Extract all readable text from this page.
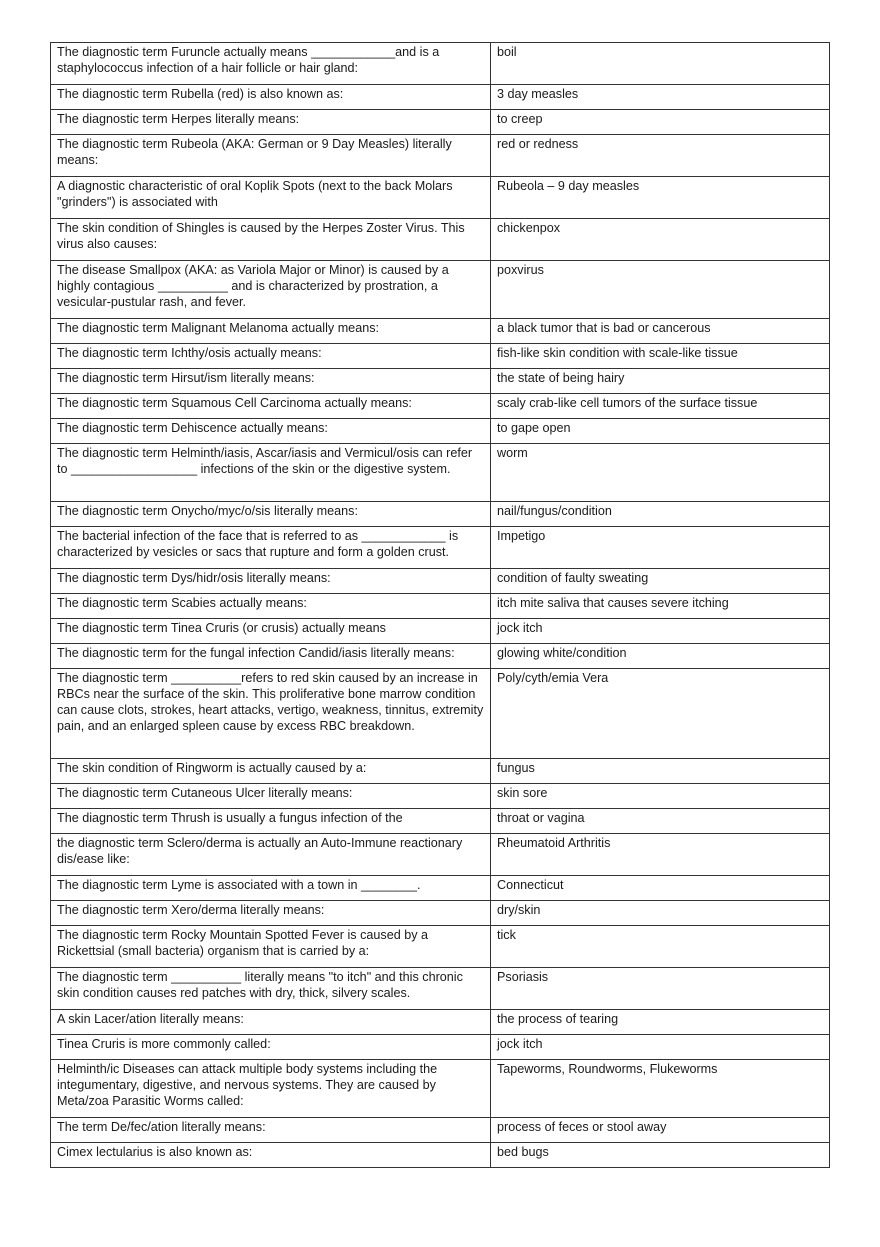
The diagnostic term Furuncle actually means ____________and is a staphylococcus infection of a hair follicle or hair gland:	boil
The diagnostic term Rubella (red) is also known as:	3 day measles
The diagnostic term Herpes literally means:	to creep
The diagnostic term Rubeola (AKA: German or 9 Day Measles) literally means:	red or redness
A diagnostic characteristic of oral Koplik Spots (next to the back Molars "grinders") is associated with	Rubeola – 9 day measles
The skin condition of Shingles is caused by the Herpes Zoster Virus. This virus also causes:	chickenpox
The disease Smallpox (AKA: as Variola Major or Minor) is caused by a highly contagious __________ and is characterized by prostration, a vesicular-pustular rash, and fever.	poxvirus
The diagnostic term Malignant Melanoma actually means:	a black tumor that is bad or cancerous
The diagnostic term Ichthy/osis actually means:	fish-like skin condition with scale-like tissue
The diagnostic term Hirsut/ism literally means:	the state of being hairy
The diagnostic term Squamous Cell Carcinoma actually means:	scaly crab-like cell tumors of the surface tissue
The diagnostic term Dehiscence actually means:	to gape open
The diagnostic term Helminth/iasis, Ascar/iasis and Vermicul/osis can refer to __________________ infections of the skin or the digestive system.	worm
The diagnostic term Onycho/myc/o/sis literally means:	nail/fungus/condition
The bacterial infection of the face that is referred to as ____________ is characterized by vesicles or sacs that rupture and form a golden crust.	Impetigo
The diagnostic term Dys/hidr/osis literally means:	condition of faulty sweating
The diagnostic term Scabies actually means:	itch mite saliva that causes severe itching
The diagnostic term Tinea Cruris (or crusis) actually means	jock itch
The diagnostic term for the fungal infection Candid/iasis literally means:	glowing white/condition
The diagnostic term __________refers to red skin caused by an increase in RBCs near the surface of the skin. This proliferative bone marrow condition can cause clots, strokes, heart attacks, vertigo, weakness, tinnitus, extremity pain, and an enlarged spleen cause by excess RBC breakdown.	Poly/cyth/emia Vera
The skin condition of Ringworm is actually caused by a:	fungus
The diagnostic term Cutaneous Ulcer literally means:	skin sore
The diagnostic term Thrush is usually a fungus infection of the	throat or vagina
the diagnostic term Sclero/derma is actually an Auto-Immune reactionary dis/ease like:	Rheumatoid Arthritis
The diagnostic term Lyme is associated with a town in ________.	Connecticut
The diagnostic term Xero/derma literally means:	dry/skin
The diagnostic term Rocky Mountain Spotted Fever is caused by a Rickettsial (small bacteria) organism that is carried by a:	tick
The diagnostic term __________ literally means "to itch" and this chronic skin condition causes red patches with dry, thick, silvery scales.	Psoriasis
A skin Lacer/ation literally means:	the process of tearing
Tinea Cruris is more commonly called:	jock itch
Helminth/ic Diseases can attack multiple body systems including the integumentary, digestive, and nervous systems. They are caused by Meta/zoa Parasitic Worms called:	Tapeworms, Roundworms, Flukeworms
The term De/fec/ation literally means:	process of feces or stool away
Cimex lectularius is also known as:	bed bugs
